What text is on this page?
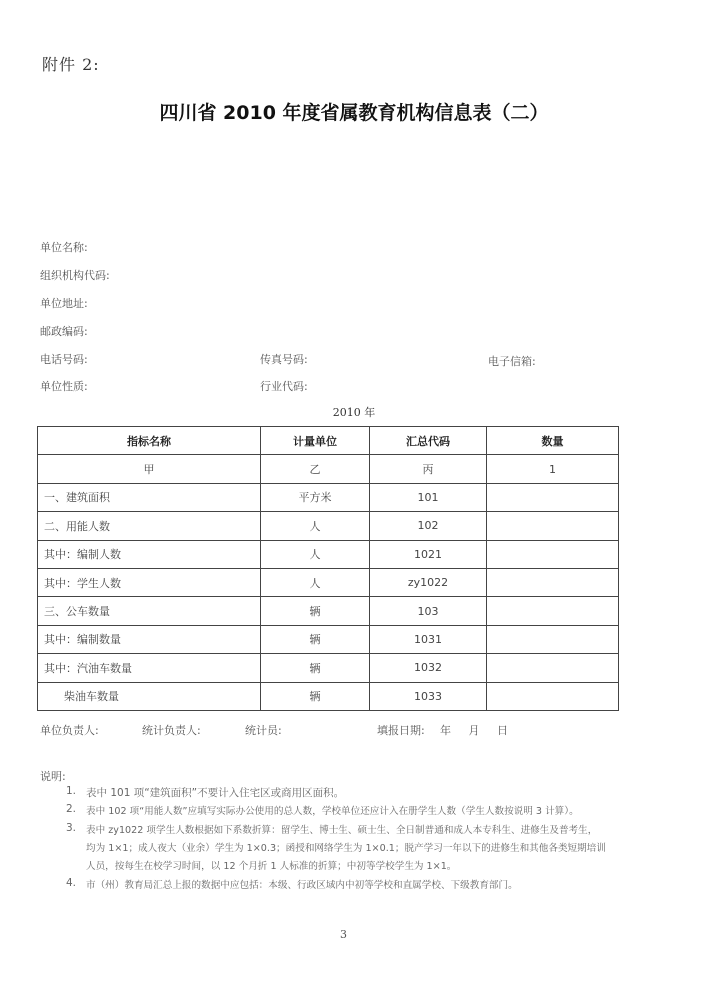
附件 2:
四川省 2010 年度省属教育机构信息表（二）
单位名称:
组织机构代码:
单位地址:
邮政编码:
电话号码:	传真号码:	电子信箱:
单位性质:	行业代码:
2010 年
指标名称	计量单位	汇总代码	数量
甲	乙	丙	1
一、建筑面积	平方米	101	
二、用能人数	人	102	
其中：编制人数	人	1021	
其中：学生人数	人	zy1022	
三、公车数量	辆	103	
其中：编制数量	辆	1031	
其中：汽油车数量	辆	1032	
柴油车数量	辆	1033	
单位负责人:	统计负责人:	统计员:	填报日期: 年 月 日
说明:
1. 表中 101 项“建筑面积”不要计入住宅区或商用区面积。
2. 表中 102 项“用能人数”应填写实际办公使用的总人数，学校单位还应计入在册学生人数（学生人数按说明 3 计算）。
3. 表中 zy1022 项学生人数根据如下系数折算：留学生、博士生、硕士生、全日制普通和成人本专科生、进修生及普考生，
均为 1×1；成人夜大（业余）学生为 1×0.3；函授和网络学生为 1×0.1；脱产学习一年以下的进修生和其他各类短期培训
人员，按每生在校学习时间，以 12 个月折 1 人标准的折算；中初等学校学生为 1×1。
4. 市（州）教育局汇总上报的数据中应包括：本级、行政区域内中初等学校和直属学校、下级教育部门。
3
